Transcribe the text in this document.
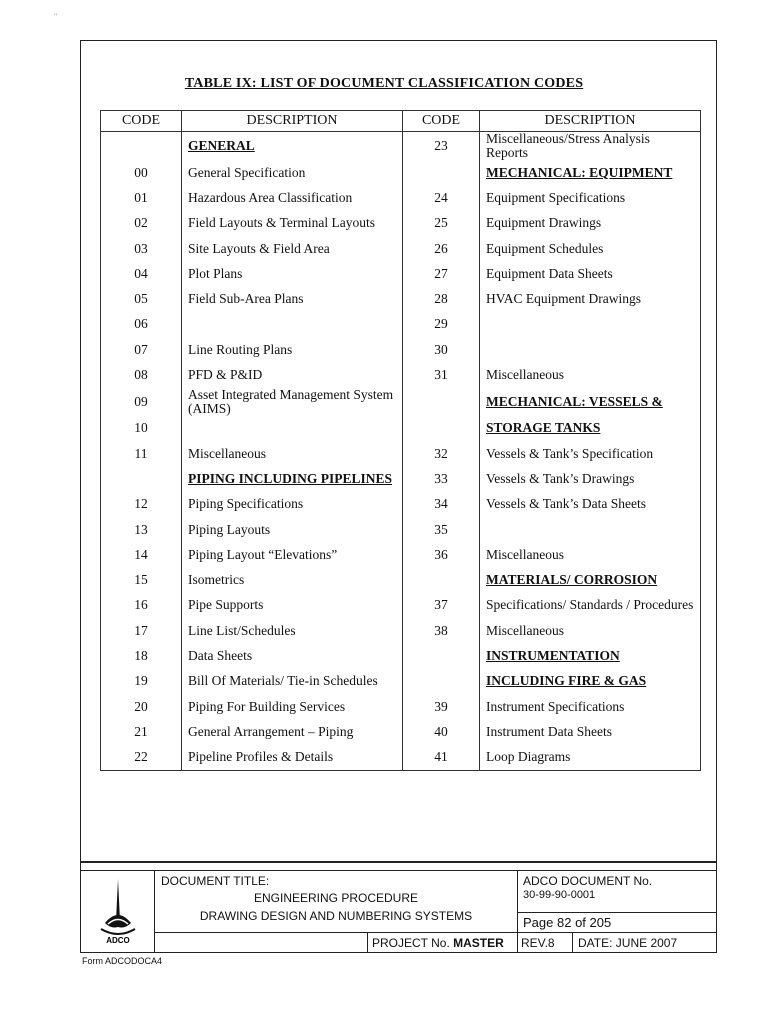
"
TABLE IX: LIST OF DOCUMENT CLASSIFICATION CODES
CODE	DESCRIPTION	CODE	DESCRIPTION
	GENERAL	23	Miscellaneous/Stress Analysis Reports
00	General Specification		MECHANICAL: EQUIPMENT
01	Hazardous Area Classification	24	Equipment Specifications
02	Field Layouts & Terminal Layouts	25	Equipment Drawings
03	Site Layouts & Field Area	26	Equipment Schedules
04	Plot Plans	27	Equipment Data Sheets
05	Field Sub-Area Plans	28	HVAC Equipment Drawings
06		29	
07	Line Routing Plans	30	
08	PFD & P&ID	31	Miscellaneous
09	Asset Integrated Management System (AIMS)		MECHANICAL: VESSELS &
10			STORAGE TANKS
11	Miscellaneous	32	Vessels & Tank’s Specification
	PIPING INCLUDING PIPELINES	33	Vessels & Tank’s Drawings
12	Piping Specifications	34	Vessels & Tank’s Data Sheets
13	Piping Layouts	35	
14	Piping Layout “Elevations”	36	Miscellaneous
15	Isometrics		MATERIALS/ CORROSION
16	Pipe Supports	37	Specifications/ Standards / Procedures
17	Line List/Schedules	38	Miscellaneous
18	Data Sheets		INSTRUMENTATION
19	Bill Of Materials/ Tie-in Schedules		INCLUDING FIRE & GAS
20	Piping For Building Services	39	Instrument Specifications
21	General Arrangement – Piping	40	Instrument Data Sheets
22	Pipeline Profiles & Details	41	Loop Diagrams
ADCO
DOCUMENT TITLE:
ENGINEERING PROCEDURE
DRAWING DESIGN AND NUMBERING SYSTEMS
ADCO DOCUMENT No.
30-99-90-0001
Page 82 of 205
PROJECT No. MASTER REV.8 DATE: JUNE 2007
Form ADCODOCA4
